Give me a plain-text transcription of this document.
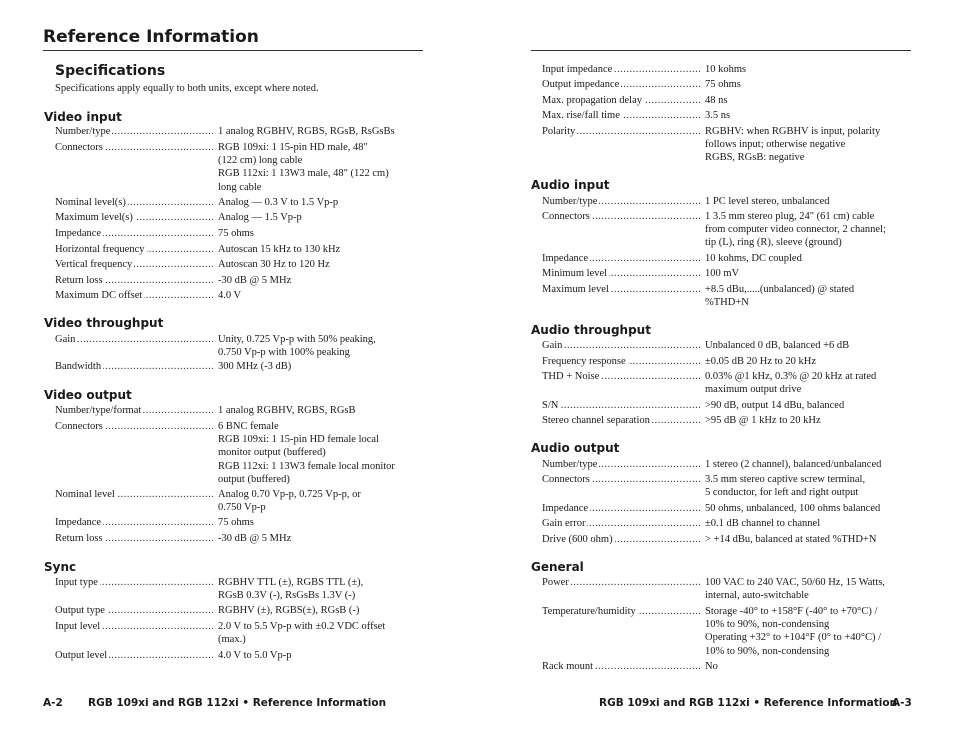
Reference Information
Specifications
Specifications apply equally to both units, except where noted.
Video input
Number/type .....	1 analog RGBHV, RGBS, RGsB, RsGsBs
Connectors .....	RGB 109xi: 1 15-pin HD male, 48"
(122 cm) long cable
RGB 112xi: 1 13W3 male, 48" (122 cm)
long cable
Nominal level(s) .....	Analog — 0.3 V to 1.5 Vp-p
Maximum level(s) .....	Analog — 1.5 Vp-p
Impedance .....	75 ohms
Horizontal frequency .....	Autoscan 15 kHz to 130 kHz
Vertical frequency .....	Autoscan 30 Hz to 120 Hz
Return loss .....	-30 dB @ 5 MHz
Maximum DC offset .....	4.0 V
Video throughput
Gain .....	Unity, 0.725 Vp-p with 50% peaking,
0.750 Vp-p with 100% peaking
Bandwidth .....	300 MHz (-3 dB)
Video output
Number/type/format .....	1 analog RGBHV, RGBS, RGsB
Connectors .....	6 BNC female
RGB 109xi: 1 15-pin HD female local
monitor output (buffered)
RGB 112xi: 1 13W3 female local monitor
output (buffered)
Nominal level .....	Analog 0.70 Vp-p, 0.725 Vp-p, or
0.750 Vp-p
Impedance .....	75 ohms
Return loss .....	-30 dB @ 5 MHz
Sync
Input type .....	RGBHV TTL (±), RGBS TTL (±),
RGsB 0.3V (-), RsGsBs 1.3V (-)
Output type .....	RGBHV (±), RGBS(±), RGsB (-)
Input level .....	2.0 V to 5.5 Vp-p with ±0.2 VDC offset
(max.)
Output level .....	4.0 V to 5.0 Vp-p
A-2 RGB 109xi and RGB 112xi • Reference Information
Input impedance .....	10 kohms
Output impedance .....	75 ohms
Max. propagation delay .....	48 ns
Max. rise/fall time .....	3.5 ns
Polarity .....	RGBHV: when RGBHV is input, polarity
follows input; otherwise negative
RGBS, RGsB: negative
Audio input
Number/type .....	1 PC level stereo, unbalanced
Connectors .....	1 3.5 mm stereo plug, 24" (61 cm) cable
from computer video connector, 2 channel;
tip (L), ring (R), sleeve (ground)
Impedance .....	10 kohms, DC coupled
Minimum level .....	100 mV
Maximum level .....	+8.5 dBu,.....(unbalanced) @ stated
%THD+N
Audio throughput
Gain .....	Unbalanced 0 dB, balanced +6 dB
Frequency response .....	±0.05 dB 20 Hz to 20 kHz
THD + Noise .....	0.03% @1 kHz, 0.3% @ 20 kHz at rated
maximum output drive
S/N .....	>90 dB, output 14 dBu, balanced
Stereo channel separation .....	>95 dB @ 1 kHz to 20 kHz
Audio output
Number/type .....	1 stereo (2 channel), balanced/unbalanced
Connectors .....	3.5 mm stereo captive screw terminal,
5 conductor, for left and right output
Impedance .....	50 ohms, unbalanced, 100 ohms balanced
Gain error .....	±0.1 dB channel to channel
Drive (600 ohm) .....	> +14 dBu, balanced at stated %THD+N
General
Power .....	100 VAC to 240 VAC, 50/60 Hz, 15 Watts,
internal, auto-switchable
Temperature/humidity .....	Storage -40° to +158°F (-40° to +70°C) /
10% to 90%, non-condensing
Operating +32° to +104°F (0° to +40°C) /
10% to 90%, non-condensing
Rack mount .....	No
RGB 109xi and RGB 112xi • Reference Information
A-3
